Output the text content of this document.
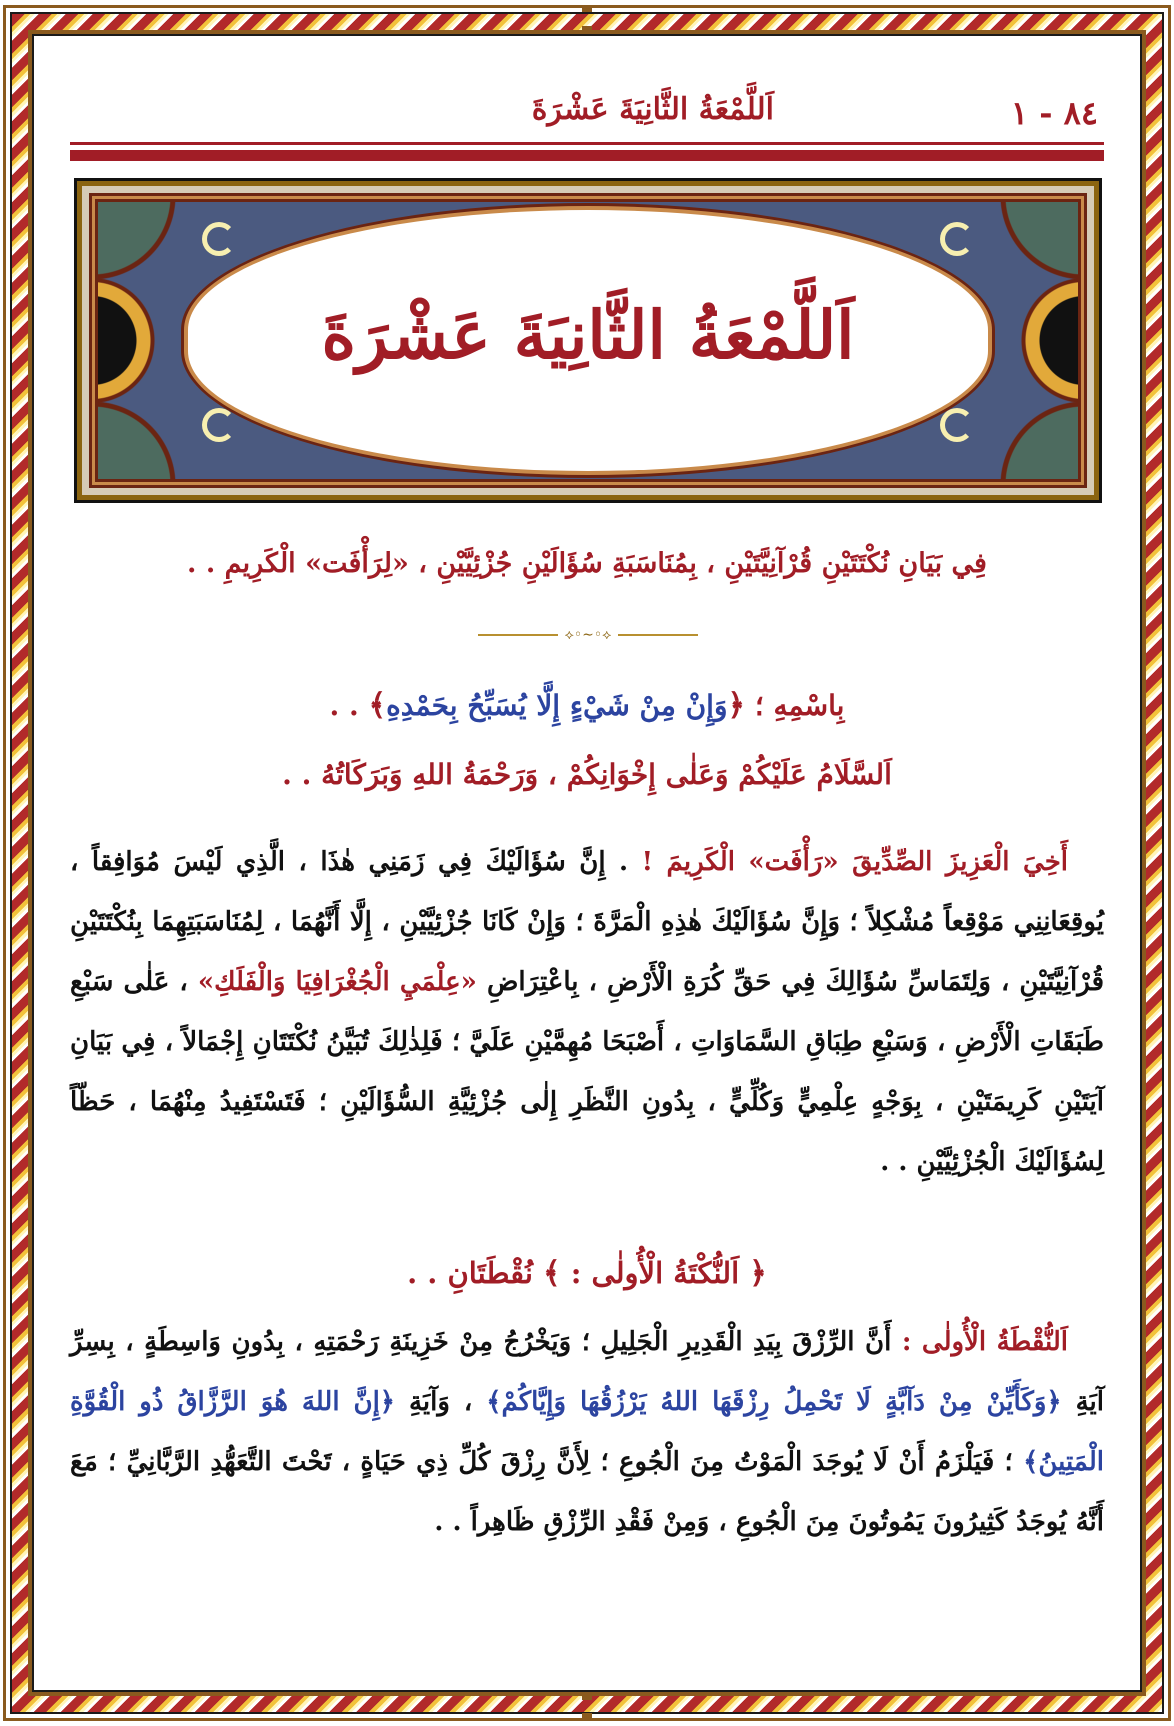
٨٤ - ١
اَللَّمْعَةُ الثَّانِيَةَ عَشْرَةَ
اَللَّمْعَةُ الثَّانِيَةَ عَشْرَةَ
فِي بَيَانِ نُكْتَتَيْنِ قُرْآنِيَّتَيْنِ ، بِمُنَاسَبَةِ سُؤَالَيْنِ جُزْئِيَّيْنِ ، «لِرَأْفَت» الْكَرِيمِ . .
⟡◦∽◦⟡
بِاسْمِهِ ؛ ﴿وَإِنْ مِنْ شَيْءٍ إِلَّا يُسَبِّحُ بِحَمْدِهِ﴾ . .
اَلسَّلَامُ عَلَيْكُمْ وَعَلٰى إِخْوَانِكُمْ ، وَرَحْمَةُ اللهِ وَبَرَكَاتُهُ . .
أَخِيَ الْعَزِيزَ الصِّدِّيقَ «رَأْفَت» الْكَرِيمَ ! . إِنَّ سُؤَالَيْكَ فِي زَمَنِي هٰذَا ، الَّذِي لَيْسَ مُوَافِقاً ، يُوقِعَانِنِي مَوْقِعاً مُشْكِلاً ؛ وَإِنَّ سُؤَالَيْكَ هٰذِهِ الْمَرَّةَ ؛ وَإِنْ كَانَا جُزْئِيَّيْنِ ، إِلَّا أَنَّهُمَا ، لِمُنَاسَبَتِهِمَا بِنُكْتَتَيْنِ قُرْآنِيَّتَيْنِ ، وَلِتَمَاسِّ سُؤَالِكَ فِي حَقِّ كُرَةِ الْأَرْضِ ، بِاعْتِرَاضِ «عِلْمَيِ الْجُغْرَافِيَا وَالْفَلَكِ» ، عَلٰى سَبْعِ طَبَقَاتِ الْأَرْضِ ، وَسَبْعِ طِبَاقِ السَّمَاوَاتِ ، أَصْبَحَا مُهِمَّيْنِ عَلَيَّ ؛ فَلِذٰلِكَ تُبَيَّنُ نُكْتَتَانِ إِجْمَالاً ، فِي بَيَانِ آيَتَيْنِ كَرِيمَتَيْنِ ، بِوَجْهٍ عِلْمِيٍّ وَكُلِّيٍّ ، بِدُونِ النَّظَرِ إِلٰى جُزْئِيَّةِ السُّؤَالَيْنِ ؛ فَتَسْتَفِيدُ مِنْهُمَا ، حَظّاً لِسُؤَالَيْكَ الْجُزْئِيَّيْنِ . .
﴿ اَلنُّكْتَةُ الْأُولٰى : ﴾ نُقْطَتَانِ . .
اَلنُّقْطَةُ الْأُولٰى : أَنَّ الرِّزْقَ بِيَدِ الْقَدِيرِ الْجَلِيلِ ؛ وَيَخْرُجُ مِنْ خَزِينَةِ رَحْمَتِهِ ، بِدُونِ وَاسِطَةٍ ، بِسِرِّ آيَةِ ﴿وَكَأَيِّنْ مِنْ دَآبَّةٍ لَا تَحْمِلُ رِزْقَهَا اللهُ يَرْزُقُهَا وَإِيَّاكُمْ﴾ ، وَآيَةِ ﴿إِنَّ اللهَ هُوَ الرَّزَّاقُ ذُو الْقُوَّةِ الْمَتِينُ﴾ ؛ فَيَلْزَمُ أَنْ لَا يُوجَدَ الْمَوْتُ مِنَ الْجُوعِ ؛ لِأَنَّ رِزْقَ كُلِّ ذِي حَيَاةٍ ، تَحْتَ التَّعَهُّدِ الرَّبَّانِيِّ ؛ مَعَ أَنَّهُ يُوجَدُ كَثِيرُونَ يَمُوتُونَ مِنَ الْجُوعِ ، وَمِنْ فَقْدِ الرِّزْقِ ظَاهِراً . .
